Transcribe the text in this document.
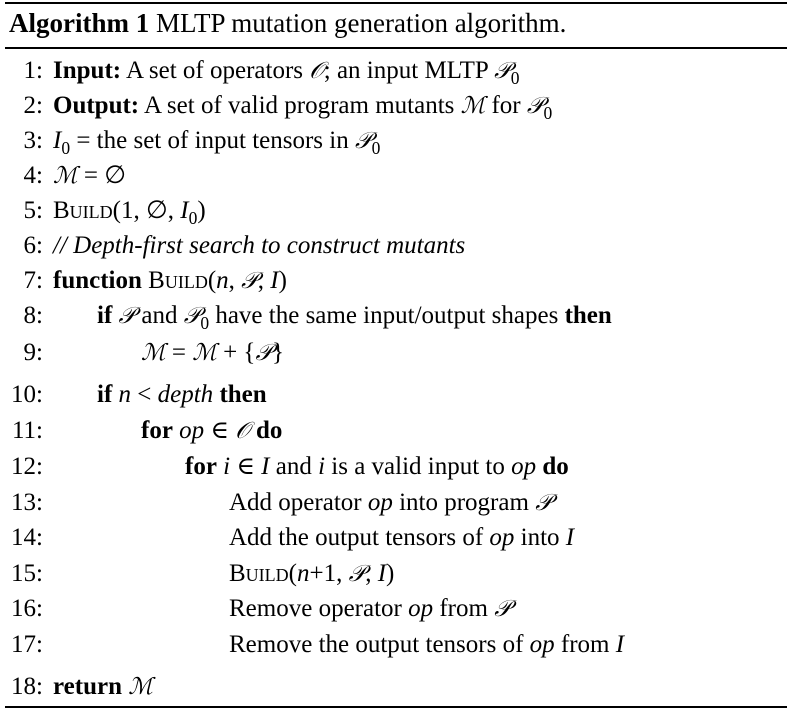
Algorithm 1 MLTP mutation generation algorithm.
1: Input: A set of operators 𝒪; an input MLTP 𝒫$_0$
2: Output: A set of valid program mutants ℳ for 𝒫$_0$
3: $I_0$ = the set of input tensors in 𝒫$_0$
4: ℳ = ∅
5: Build(1, ∅, $I_0$)
6: // Depth-first search to construct mutants
7: function Build(n, 𝒫, I)
8: if 𝒫 and 𝒫$_0$ have the same input/output shapes then
9:	ℳ = ℳ + {𝒫}
10: if n < depth then
11:	for op ∈ 𝒪 do
12:	for i ∈ I and i is a valid input to op do
13:	Add operator op into program 𝒫
14:	Add the output tensors of op into I
15:	Build(n+1, 𝒫, I)
16:	Remove operator op from 𝒫
17:	Remove the output tensors of op from I
18: return ℳ
